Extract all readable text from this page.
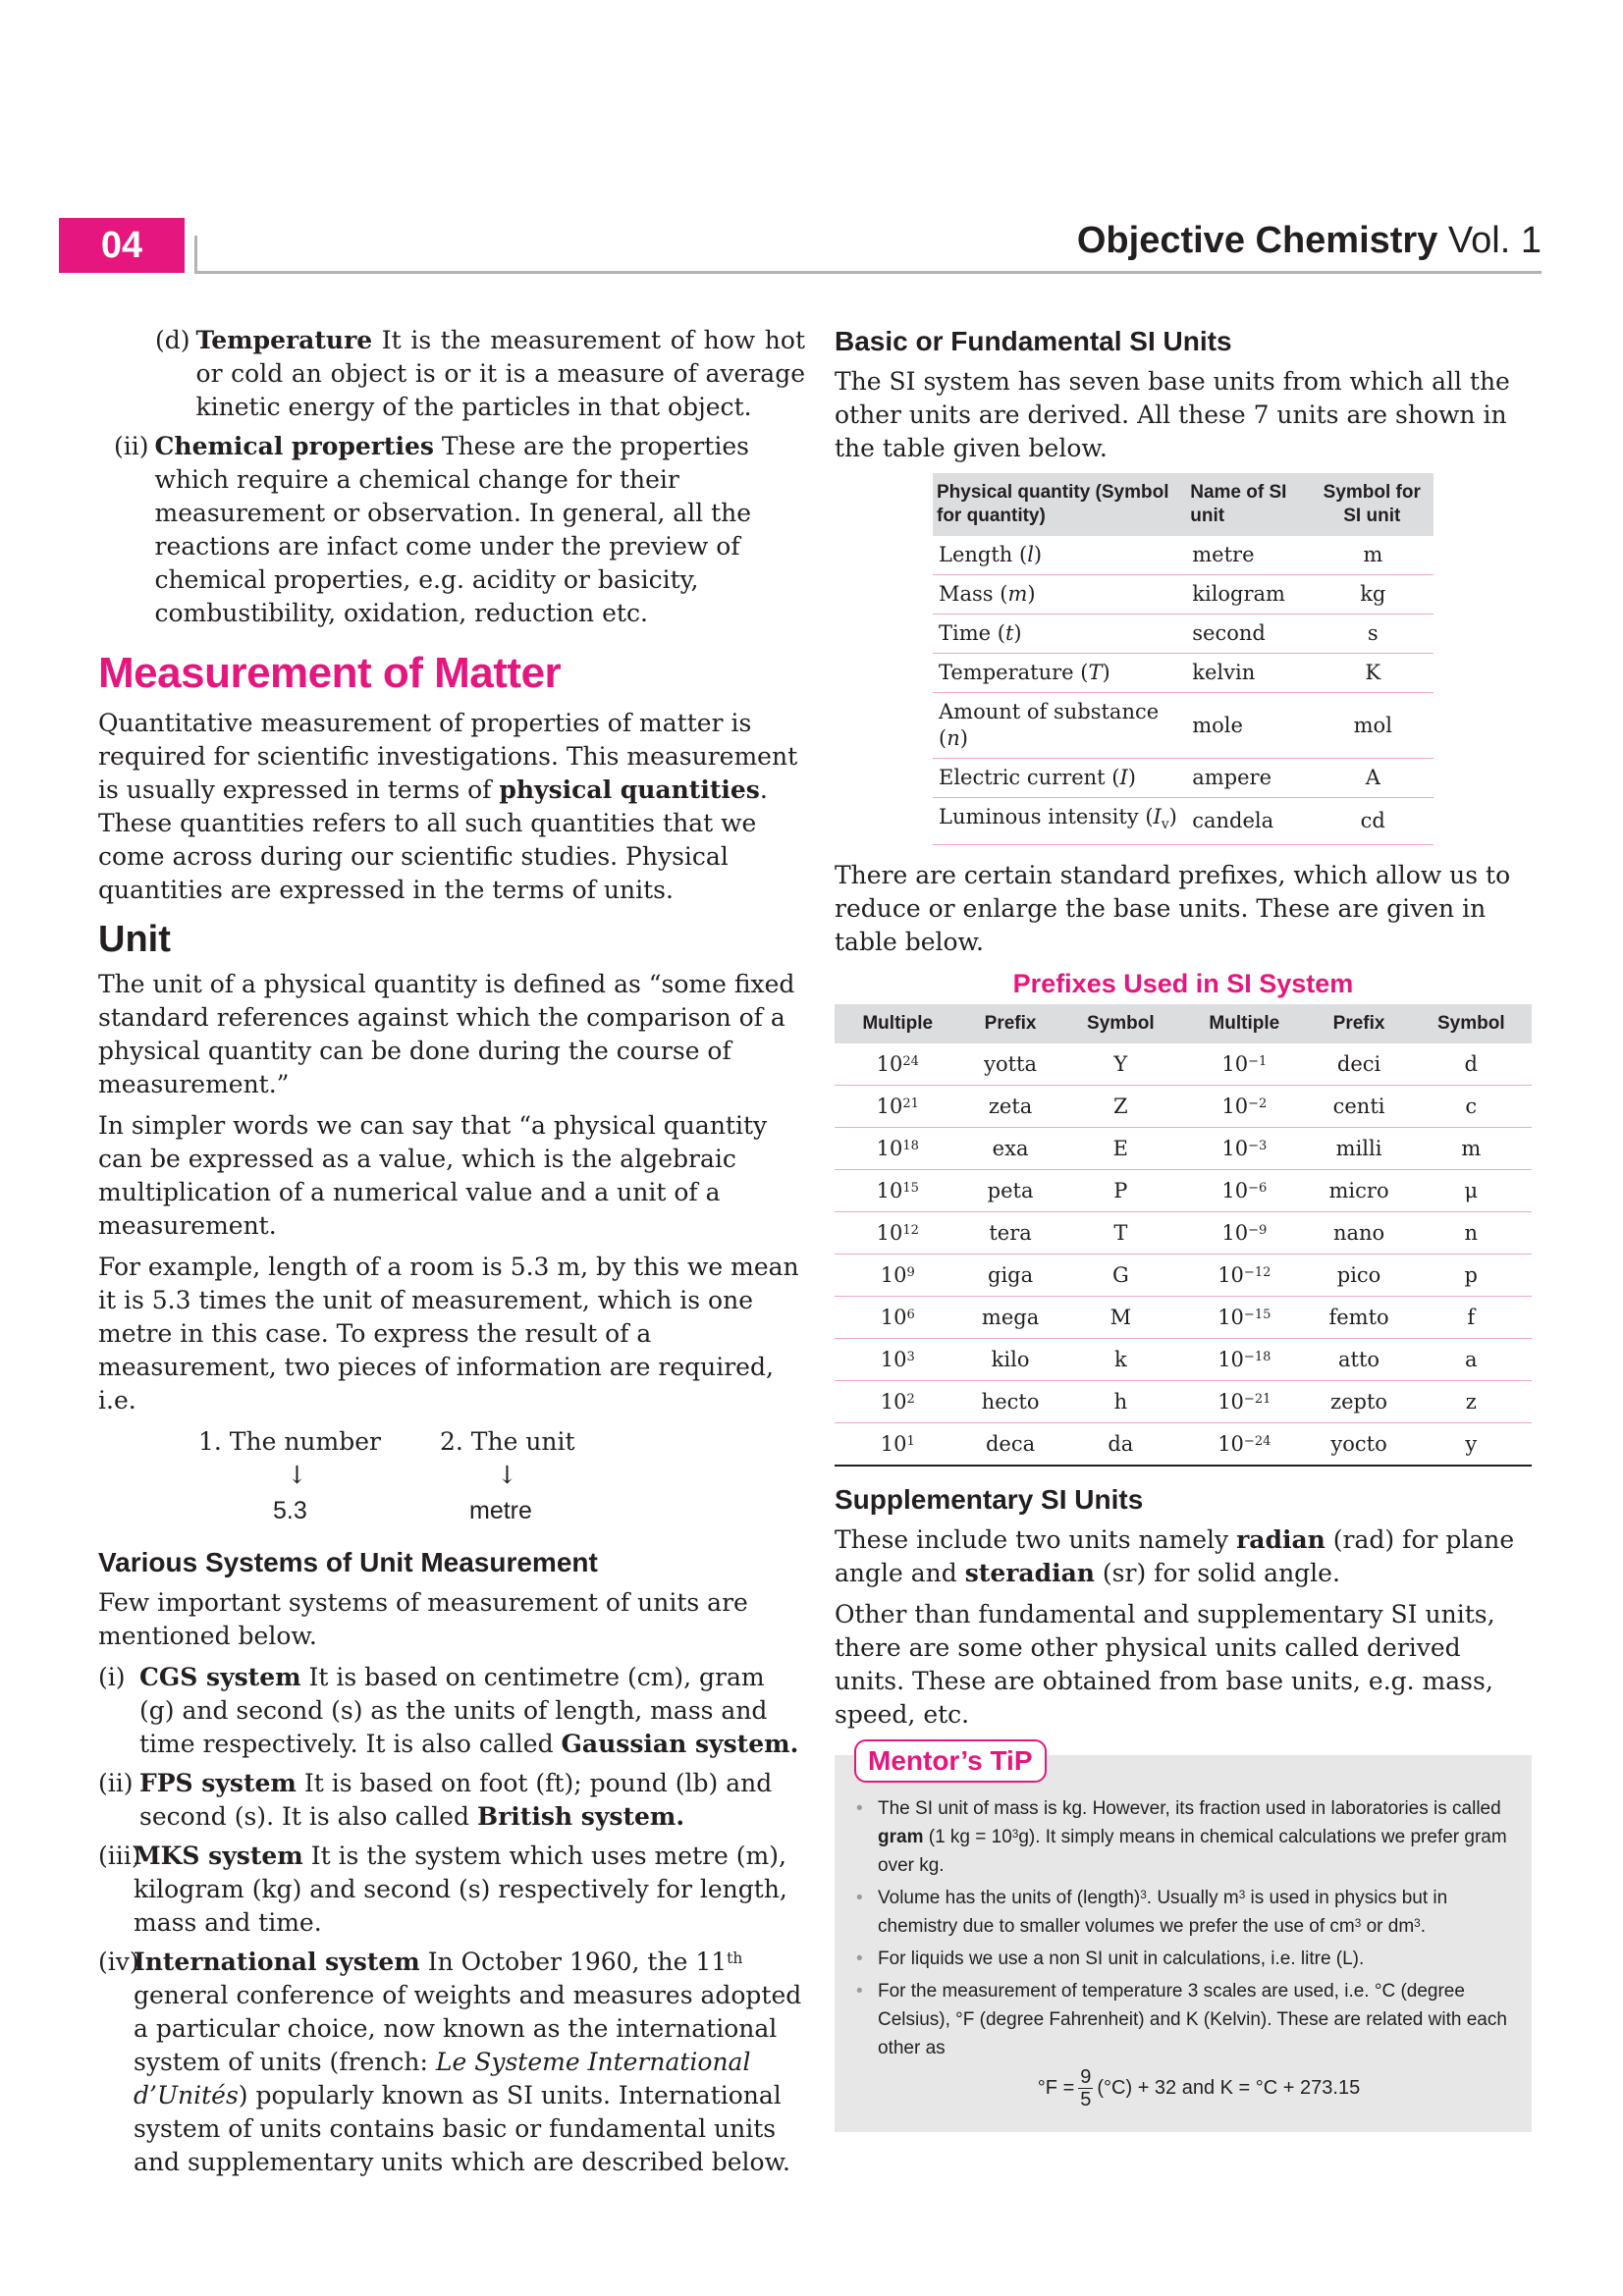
04	Objective Chemistry Vol. 1
(d) Temperature It is the measurement of how hot or cold an object is or it is a measure of average kinetic energy of the particles in that object.
(ii) Chemical properties These are the properties which require a chemical change for their measurement or observation. In general, all the reactions are infact come under the preview of chemical properties, e.g. acidity or basicity, combustibility, oxidation, reduction etc.
Measurement of Matter

Quantitative measurement of properties of matter is required for scientific investigations. This measurement is usually expressed in terms of physical quantities. These quantities refers to all such quantities that we come across during our scientific studies. Physical quantities are expressed in the terms of units.

Unit

The unit of a physical quantity is defined as “some fixed standard references against which the comparison of a physical quantity can be done during the course of measurement.”

In simpler words we can say that “a physical quantity can be expressed as a value, which is the algebraic multiplication of a numerical value and a unit of a measurement.

For example, length of a room is 5.3 m, by this we mean it is 5.3 times the unit of measurement, which is one metre in this case. To express the result of a measurement, two pieces of information are required, i.e.

1. The number 2. The unit
↓	↓
5.3	metre
Various Systems of Unit Measurement

Few important systems of measurement of units are mentioned below.

(i) CGS system It is based on centimetre (cm), gram (g) and second (s) as the units of length, mass and time respectively. It is also called Gaussian system.
(ii) FPS system It is based on foot (ft); pound (lb) and second (s). It is also called British system.
(iii)
MKS system It is the system which uses metre (m), kilogram (kg) and second (s) respectively for length, mass and time.
(iv)
International system In October 1960, the 11th general conference of weights and measures adopted a particular choice, now known as the international system of units (french: Le Systeme International d’Unités) popularly known as SI units. International system of units contains basic or fundamental units and supplementary units which are described below.
Basic or Fundamental SI Units

The SI system has seven base units from which all the other units are derived. All these 7 units are shown in the table given below.

Physical quantity (Symbol for quantity)	Name of SI unit	Symbol for SI unit
Length (l)	metre	m
Mass (m)	kilogram	kg
Time (t)	second	s
Temperature (T)	kelvin	K
Amount of substance (n)	mole	mol
Electric current (I)	ampere	A
Luminous intensity $(I_v)$	candela	cd

There are certain standard prefixes, which allow us to reduce or enlarge the base units. These are given in table below.

Prefixes Used in SI System
Multiple	Prefix	Symbol	Multiple	Prefix	Symbol
$10^{24}$	yotta	Y	$10^{-1}$	deci	d
$10^{21}$	zeta	Z	$10^{-2}$	centi	c
$10^{18}$	exa	E	$10^{-3}$	milli	m
$10^{15}$	peta	P	$10^{-6}$	micro	μ
$10^{12}$	tera	T	$10^{-9}$	nano	n
$10^9$	giga	G	$10^{-12}$	pico	p
$10^6$	mega	M	$10^{-15}$	femto	f
$10^3$	kilo	k	$10^{-18}$	atto	a
$10^2$	hecto	h	$10^{-21}$	zepto	z
$10^1$	deca	da	$10^{-24}$	yocto	y
Supplementary SI Units

These include two units namely radian (rad) for plane angle and steradian (sr) for solid angle.

Other than fundamental and supplementary SI units, there are some other physical units called derived units. These are obtained from base units, e.g. mass, speed, etc.

Mentor’s TiP
• The SI unit of mass is kg. However, its fraction used in laboratories is called gram (1 kg = $10^3g$). It simply means in chemical calculations we prefer gram over kg.
• Volume has the units of (length)$^3$. Usually $m^3$ is used in physics but in chemistry due to smaller volumes we prefer the use of $cm^3$ or $dm^3$.
• For liquids we use a non SI unit in calculations, i.e. litre (L).
• For the measurement of temperature 3 scales are used, i.e. °C (degree Celsius), °F (degree Fahrenheit) and K (Kelvin). These are related with each other as
$^\circ F = \frac{9}{5} (^\circ C) + 32$ and K = °C + 273.15
